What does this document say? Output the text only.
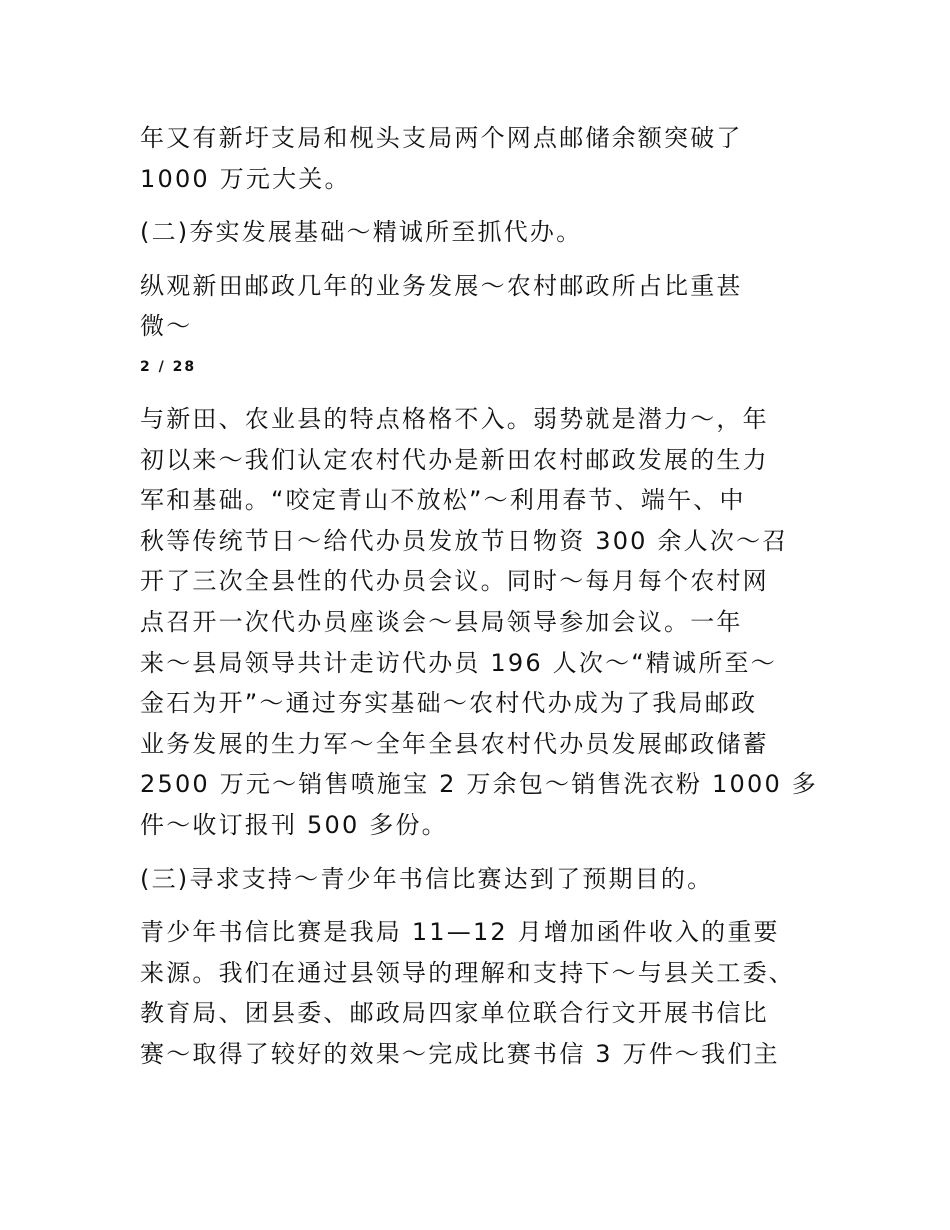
年又有新圩支局和枧头支局两个网点邮储余额突破了

1000 万元大关。

(二)夯实发展基础～精诚所至抓代办。

纵观新田邮政几年的业务发展～农村邮政所占比重甚

微～

2 / 28

与新田、农业县的特点格格不入。弱势就是潜力～，年

初以来～我们认定农村代办是新田农村邮政发展的生力

军和基础。“咬定青山不放松”～利用春节、端午、中

秋等传统节日～给代办员发放节日物资 300 余人次～召

开了三次全县性的代办员会议。同时～每月每个农村网

点召开一次代办员座谈会～县局领导参加会议。一年

来～县局领导共计走访代办员 196 人次～“精诚所至～

金石为开”～通过夯实基础～农村代办成为了我局邮政

业务发展的生力军～全年全县农村代办员发展邮政储蓄

2500 万元～销售喷施宝 2 万余包～销售洗衣粉 1000 多

件～收订报刊 500 多份。

(三)寻求支持～青少年书信比赛达到了预期目的。

青少年书信比赛是我局 11—12 月增加函件收入的重要

来源。我们在通过县领导的理解和支持下～与县关工委、

教育局、团县委、邮政局四家单位联合行文开展书信比

赛～取得了较好的效果～完成比赛书信 3 万件～我们主
